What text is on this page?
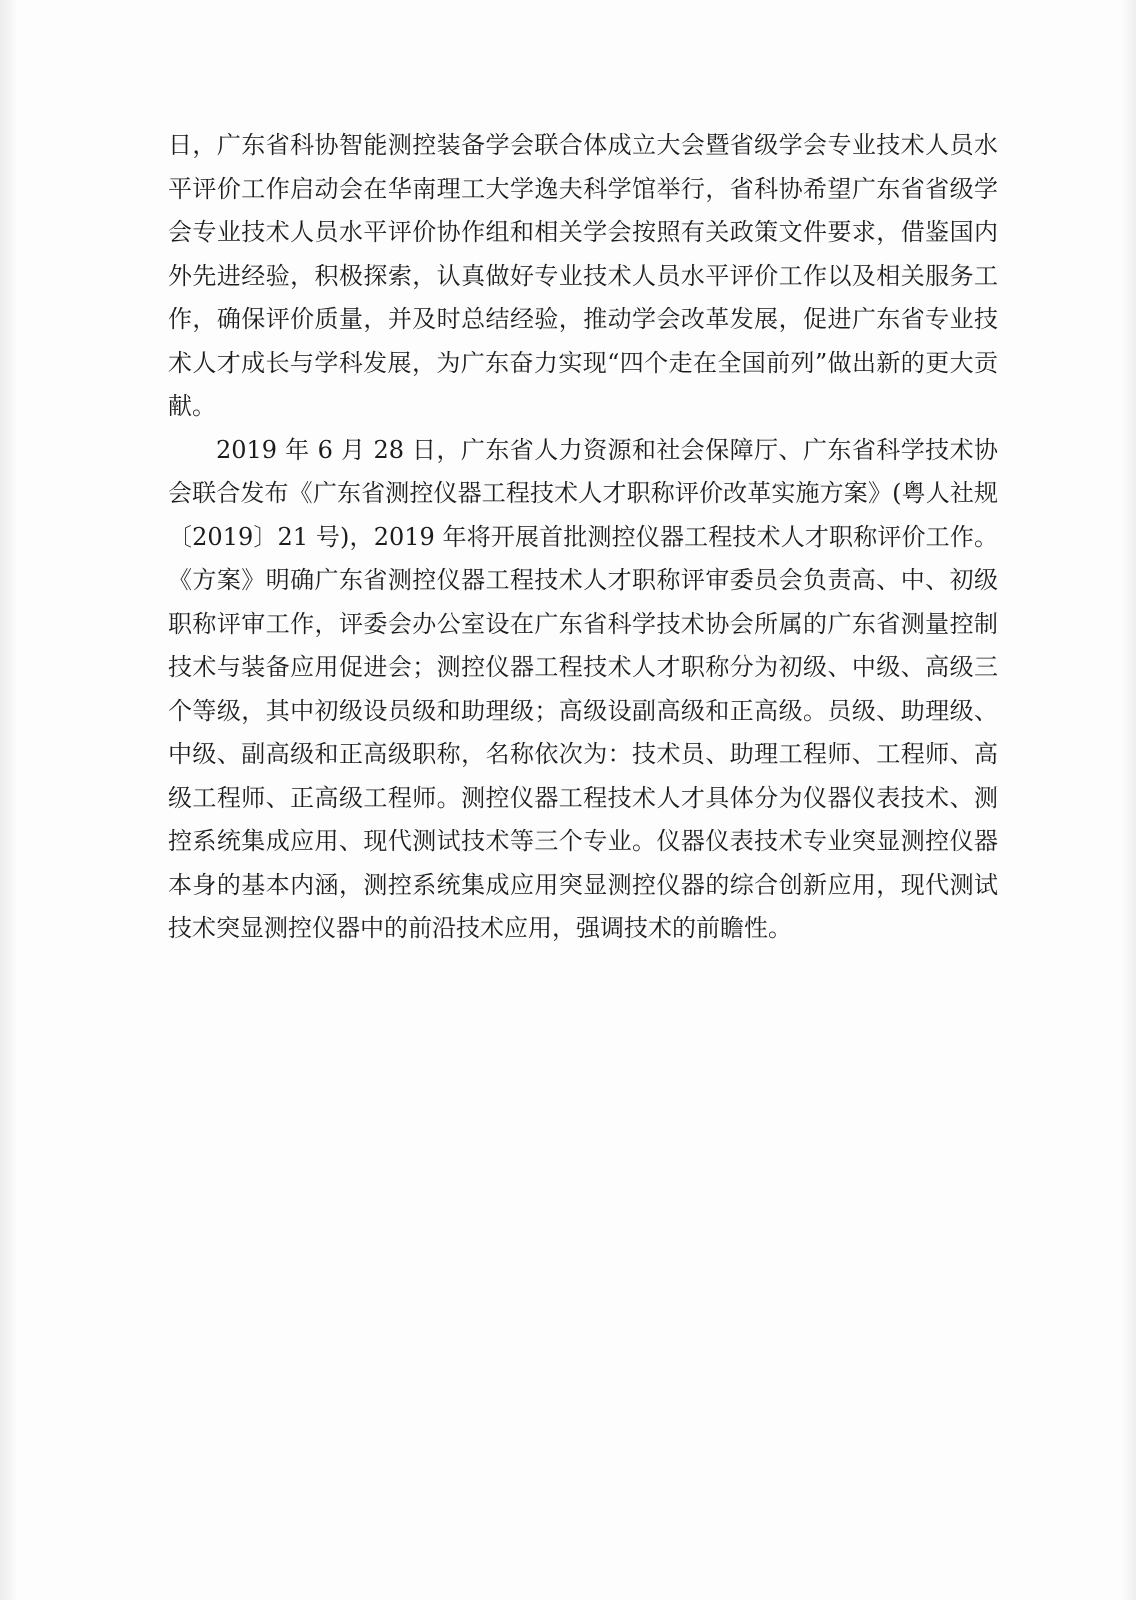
日，广东省科协智能测控装备学会联合体成立大会暨省级学会专业技术人员水平评价工作启动会在华南理工大学逸夫科学馆举行，省科协希望广东省省级学会专业技术人员水平评价协作组和相关学会按照有关政策文件要求，借鉴国内外先进经验，积极探索，认真做好专业技术人员水平评价工作以及相关服务工作，确保评价质量，并及时总结经验，推动学会改革发展，促进广东省专业技术人才成长与学科发展，为广东奋力实现“四个走在全国前列”做出新的更大贡献。

2019 年 6 月 28 日，广东省人力资源和社会保障厅、广东省科学技术协会联合发布《广东省测控仪器工程技术人才职称评价改革实施方案》(粤人社规〔2019〕21 号)，2019 年将开展首批测控仪器工程技术人才职称评价工作。《方案》明确广东省测控仪器工程技术人才职称评审委员会负责高、中、初级职称评审工作，评委会办公室设在广东省科学技术协会所属的广东省测量控制技术与装备应用促进会；测控仪器工程技术人才职称分为初级、中级、高级三个等级，其中初级设员级和助理级；高级设副高级和正高级。员级、助理级、中级、副高级和正高级职称，名称依次为：技术员、助理工程师、工程师、高级工程师、正高级工程师。测控仪器工程技术人才具体分为仪器仪表技术、测控系统集成应用、现代测试技术等三个专业。仪器仪表技术专业突显测控仪器本身的基本内涵，测控系统集成应用突显测控仪器的综合创新应用，现代测试技术突显测控仪器中的前沿技术应用，强调技术的前瞻性。
